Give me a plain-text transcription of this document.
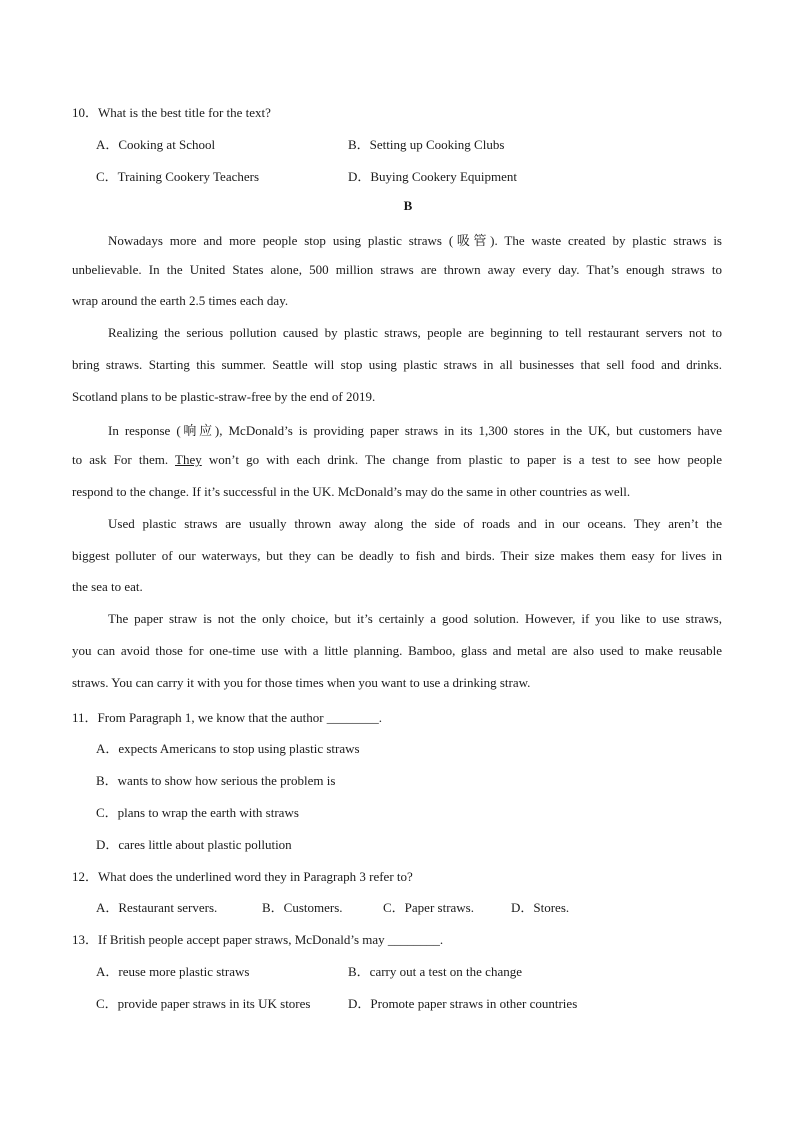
10．What is the best title for the text?
A．Cooking at School	B．Setting up Cooking Clubs
C．Training Cookery Teachers	D．Buying Cookery Equipment
B
Nowadays more and more people stop using plastic straws (吸管). The waste created by plastic straws is
unbelievable. In the United States alone, 500 million straws are thrown away every day. That’s enough straws to
wrap around the earth 2.5 times each day.
Realizing the serious pollution caused by plastic straws, people are beginning to tell restaurant servers not to
bring straws. Starting this summer. Seattle will stop using plastic straws in all businesses that sell food and drinks.
Scotland plans to be plastic-straw-free by the end of 2019.
In response (响应), McDonald’s is providing paper straws in its 1,300 stores in the UK, but customers have
to ask For them. They won’t go with each drink. The change from plastic to paper is a test to see how people
respond to the change. If it’s successful in the UK. McDonald’s may do the same in other countries as well.
Used plastic straws are usually thrown away along the side of roads and in our oceans. They aren’t the
biggest polluter of our waterways, but they can be deadly to fish and birds. Their size makes them easy for lives in
the sea to eat.
The paper straw is not the only choice, but it’s certainly a good solution. However, if you like to use straws,
you can avoid those for one-time use with a little planning. Bamboo, glass and metal are also used to make reusable
straws. You can carry it with you for those times when you want to use a drinking straw.
11．From Paragraph 1, we know that the author ________.
A．expects Americans to stop using plastic straws
B．wants to show how serious the problem is
C．plans to wrap the earth with straws
D．cares little about plastic pollution
12．What does the underlined word they in Paragraph 3 refer to?
A．Restaurant servers.	B．Customers.	C．Paper straws.	D．Stores.
13．If British people accept paper straws, McDonald’s may ________.
A．reuse more plastic straws	B．carry out a test on the change
C．provide paper straws in its UK stores	D．Promote paper straws in other countries
